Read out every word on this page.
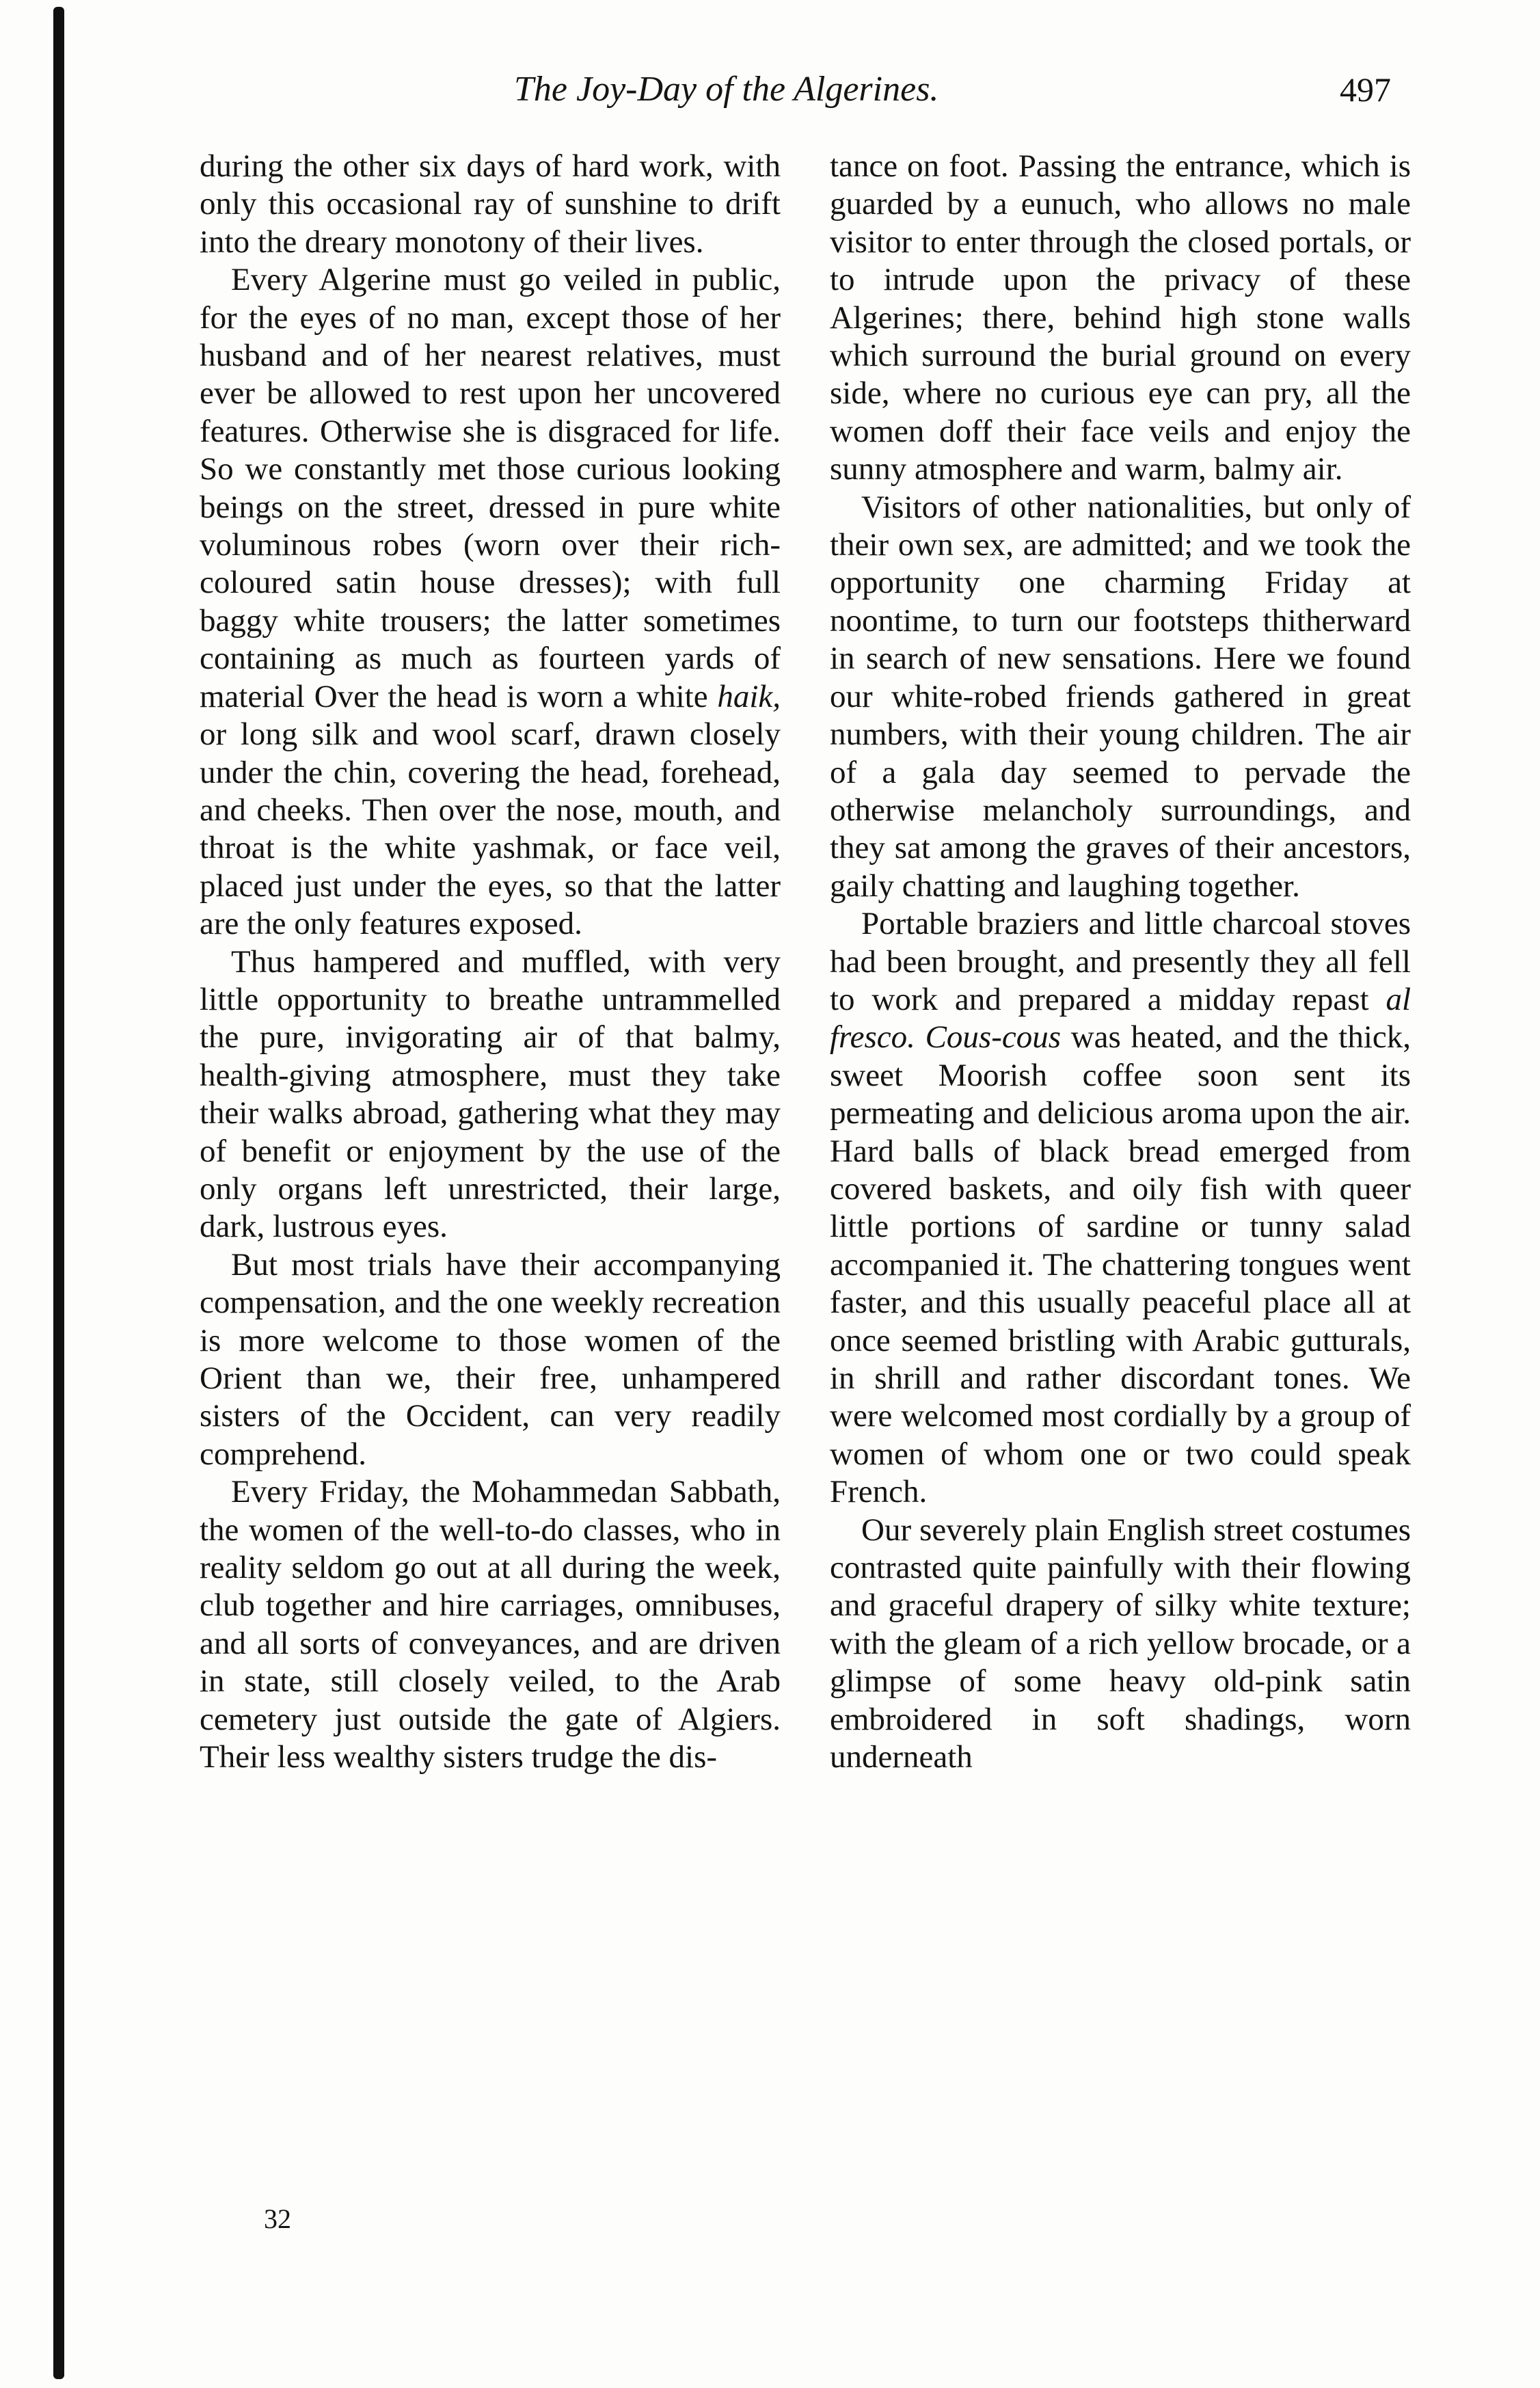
The Joy-Day of the Algerines.	497

during the other six days of hard work, with only this occasional ray of sunshine to drift into the dreary monotony of their lives.

Every Algerine must go veiled in public, for the eyes of no man, except those of her husband and of her nearest relatives, must ever be allowed to rest upon her uncovered features. Otherwise she is disgraced for life. So we constantly met those curious looking beings on the street, dressed in pure white voluminous robes (worn over their rich-coloured satin house dresses); with full baggy white trousers; the latter sometimes containing as much as fourteen yards of material Over the head is worn a white haik, or long silk and wool scarf, drawn closely under the chin, covering the head, forehead, and cheeks. Then over the nose, mouth, and throat is the white yashmak, or face veil, placed just under the eyes, so that the latter are the only features exposed.

Thus hampered and muffled, with very little opportunity to breathe untrammelled the pure, invigorating air of that balmy, health-giving atmosphere, must they take their walks abroad, gathering what they may of benefit or enjoyment by the use of the only organs left unrestricted, their large, dark, lustrous eyes.

But most trials have their accompanying compensation, and the one weekly recreation is more welcome to those women of the Orient than we, their free, unhampered sisters of the Occident, can very readily comprehend.

Every Friday, the Mohammedan Sabbath, the women of the well-to-do classes, who in reality seldom go out at all during the week, club together and hire carriages, omnibuses, and all sorts of conveyances, and are driven in state, still closely veiled, to the Arab cemetery just outside the gate of Algiers. Their less wealthy sisters trudge the dis-

tance on foot. Passing the entrance, which is guarded by a eunuch, who allows no male visitor to enter through the closed portals, or to intrude upon the privacy of these Algerines; there, behind high stone walls which surround the burial ground on every side, where no curious eye can pry, all the women doff their face veils and enjoy the sunny atmosphere and warm, balmy air.

Visitors of other nationalities, but only of their own sex, are admitted; and we took the opportunity one charming Friday at noontime, to turn our footsteps thitherward in search of new sensations. Here we found our white-robed friends gathered in great numbers, with their young children. The air of a gala day seemed to pervade the otherwise melancholy surroundings, and they sat among the graves of their ancestors, gaily chatting and laughing together.

Portable braziers and little charcoal stoves had been brought, and presently they all fell to work and prepared a midday repast al fresco. Cous-cous was heated, and the thick, sweet Moorish coffee soon sent its permeating and delicious aroma upon the air. Hard balls of black bread emerged from covered baskets, and oily fish with queer little portions of sardine or tunny salad accompanied it. The chattering tongues went faster, and this usually peaceful place all at once seemed bristling with Arabic gutturals, in shrill and rather discordant tones. We were welcomed most cordially by a group of women of whom one or two could speak French.

Our severely plain English street costumes contrasted quite painfully with their flowing and graceful drapery of silky white texture; with the gleam of a rich yellow brocade, or a glimpse of some heavy old-pink satin embroidered in soft shadings, worn underneath

32
